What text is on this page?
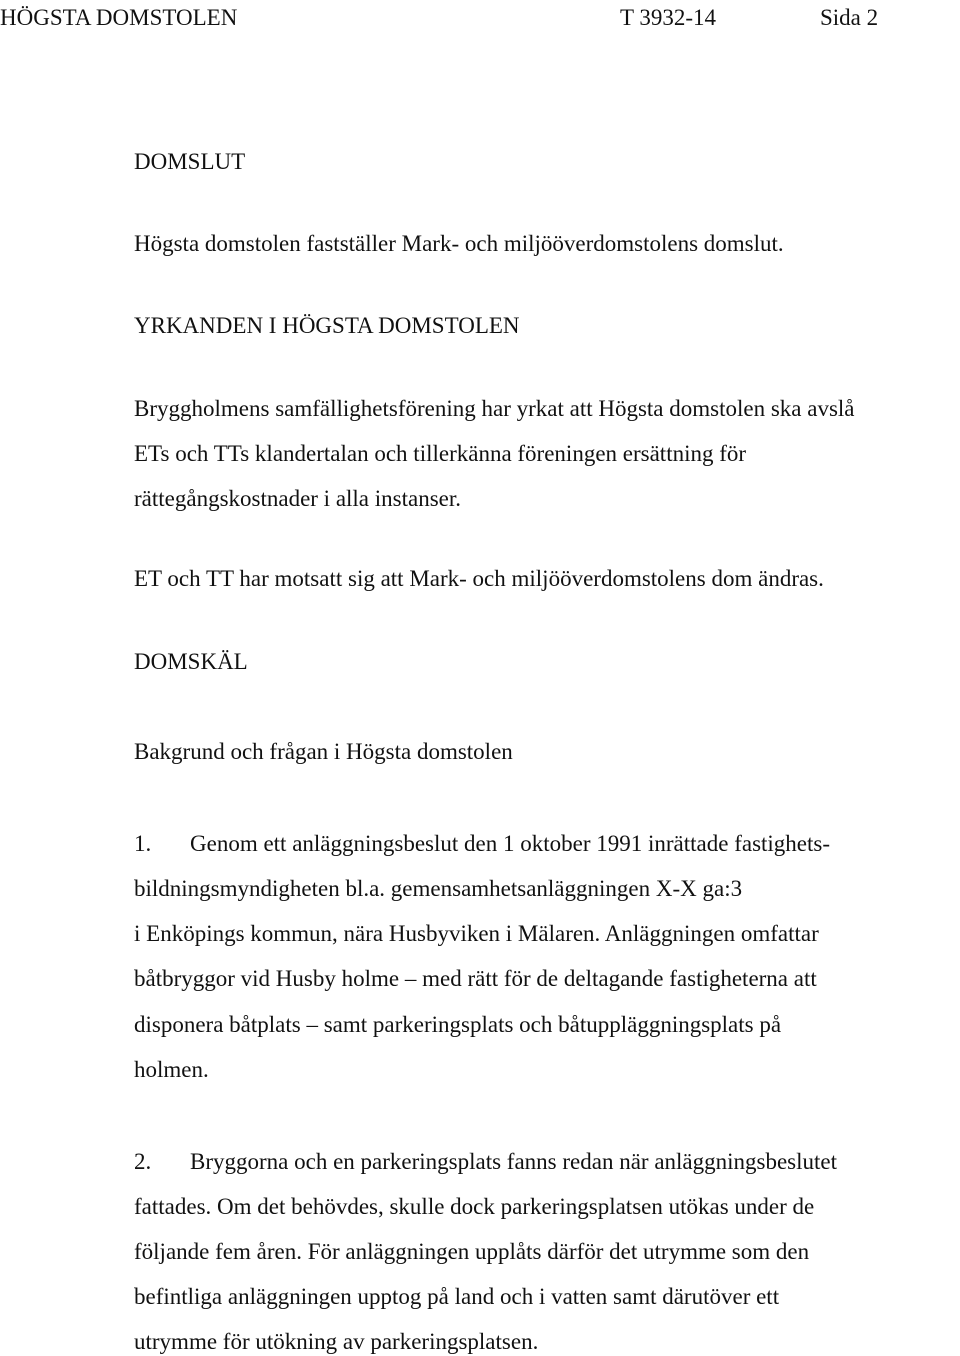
HÖGSTA DOMSTOLEN	T 3932-14	Sida 2
DOMSLUT
Högsta domstolen fastställer Mark- och miljööverdomstolens domslut.
YRKANDEN I HÖGSTA DOMSTOLEN
Bryggholmens samfällighetsförening har yrkat att Högsta domstolen ska avslå
ETs och TTs klandertalan och tillerkänna föreningen ersättning för
rättegångskostnader i alla instanser.
ET och TT har motsatt sig att Mark- och miljööverdomstolens dom ändras.
DOMSKÄL
Bakgrund och frågan i Högsta domstolen
1. Genom ett anläggningsbeslut den 1 oktober 1991 inrättade fastighets-
bildningsmyndigheten bl.a. gemensamhetsanläggningen X-X ga:3
i Enköpings kommun, nära Husbyviken i Mälaren. Anläggningen omfattar
båtbryggor vid Husby holme – med rätt för de deltagande fastigheterna att
disponera båtplats – samt parkeringsplats och båtuppläggningsplats på
holmen.
2. Bryggorna och en parkeringsplats fanns redan när anläggningsbeslutet
fattades. Om det behövdes, skulle dock parkeringsplatsen utökas under de
följande fem åren. För anläggningen upplåts därför det utrymme som den
befintliga anläggningen upptog på land och i vatten samt därutöver ett
utrymme för utökning av parkeringsplatsen.
